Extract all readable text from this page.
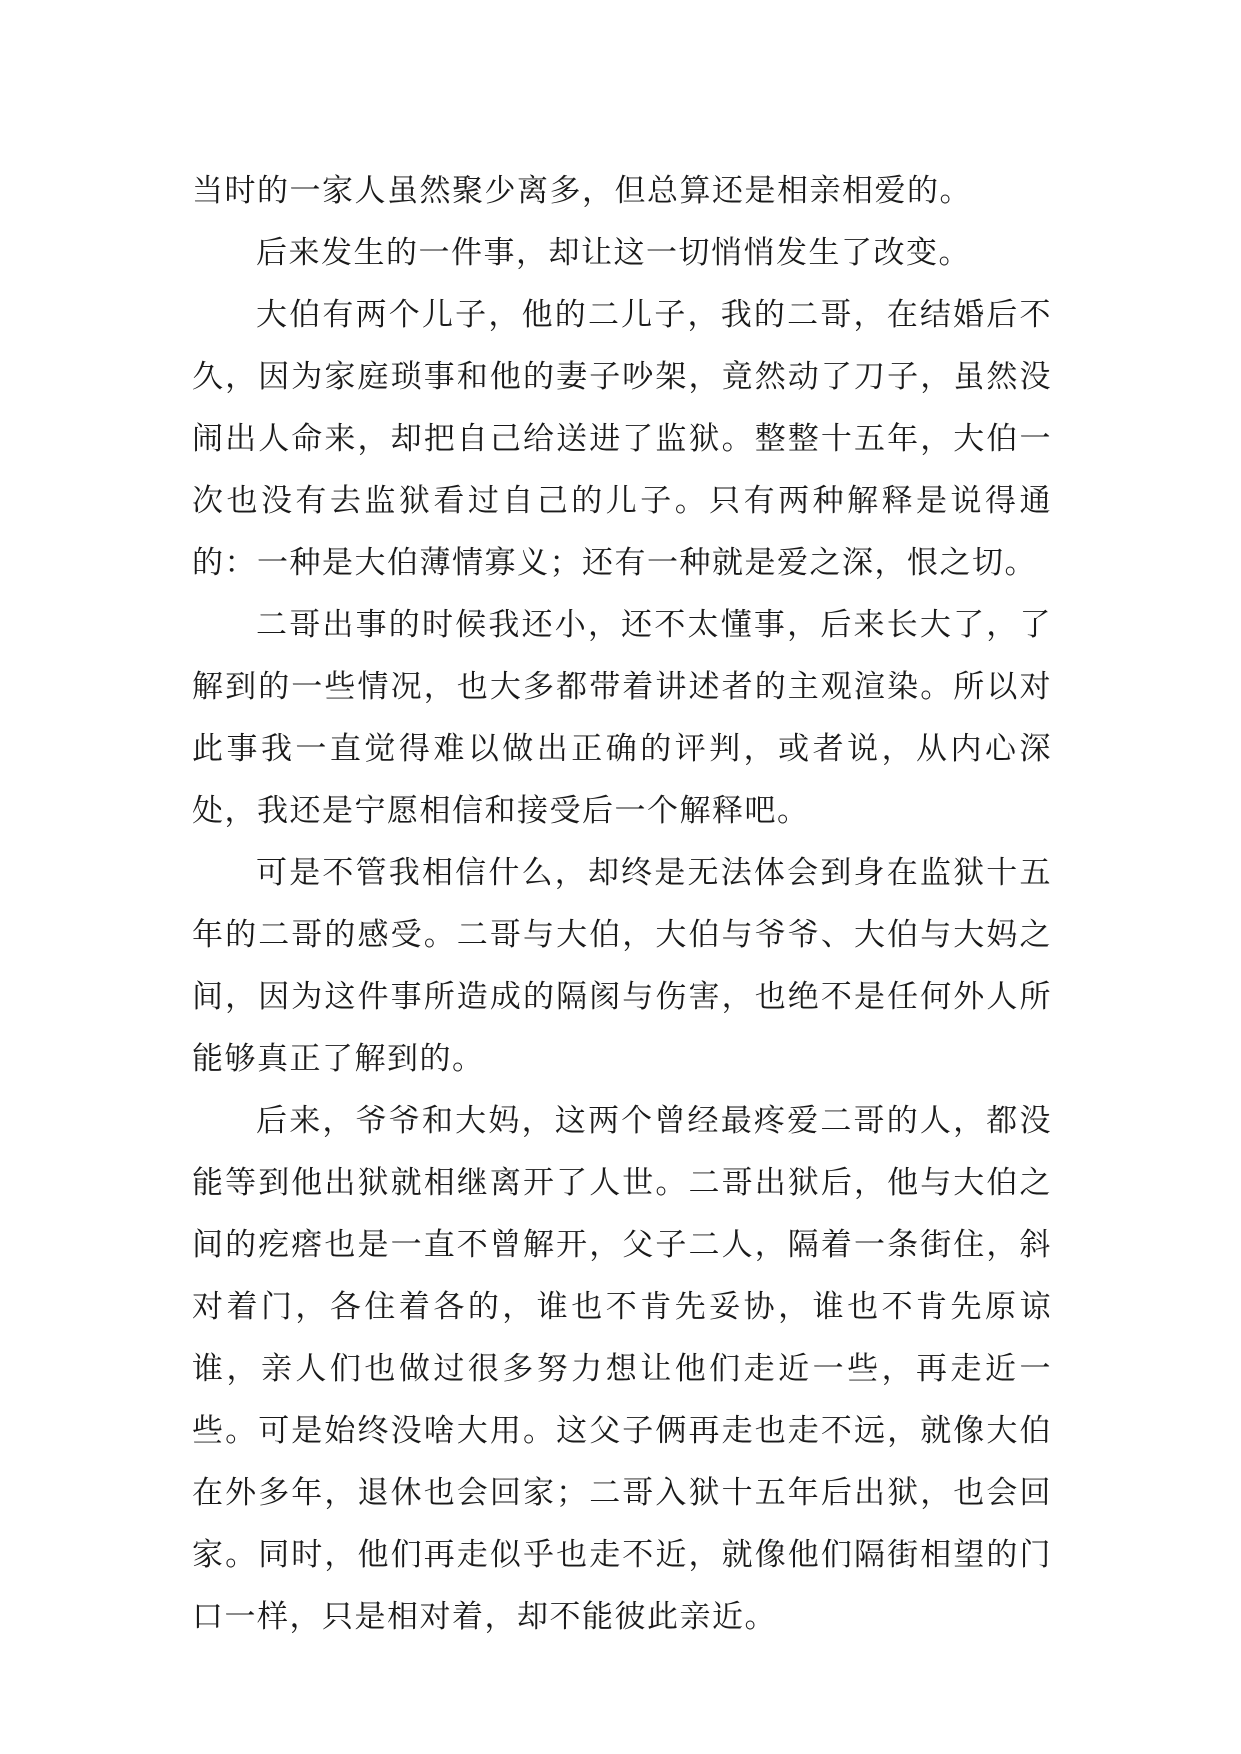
当时的一家人虽然聚少离多，但总算还是相亲相爱的。

后来发生的一件事，却让这一切悄悄发生了改变。

大伯有两个儿子，他的二儿子，我的二哥，在结婚后不久，因为家庭琐事和他的妻子吵架，竟然动了刀子，虽然没闹出人命来，却把自己给送进了监狱。整整十五年，大伯一次也没有去监狱看过自己的儿子。只有两种解释是说得通的：一种是大伯薄情寡义；还有一种就是爱之深，恨之切。

二哥出事的时候我还小，还不太懂事，后来长大了，了解到的一些情况，也大多都带着讲述者的主观渲染。所以对此事我一直觉得难以做出正确的评判，或者说，从内心深处，我还是宁愿相信和接受后一个解释吧。

可是不管我相信什么，却终是无法体会到身在监狱十五年的二哥的感受。二哥与大伯，大伯与爷爷、大伯与大妈之间，因为这件事所造成的隔阂与伤害，也绝不是任何外人所能够真正了解到的。

后来，爷爷和大妈，这两个曾经最疼爱二哥的人，都没能等到他出狱就相继离开了人世。二哥出狱后，他与大伯之间的疙瘩也是一直不曾解开，父子二人，隔着一条街住，斜对着门，各住着各的，谁也不肯先妥协，谁也不肯先原谅谁，亲人们也做过很多努力想让他们走近一些，再走近一些。可是始终没啥大用。这父子俩再走也走不远，就像大伯在外多年，退休也会回家；二哥入狱十五年后出狱，也会回家。同时，他们再走似乎也走不近，就像他们隔街相望的门口一样，只是相对着，却不能彼此亲近。
